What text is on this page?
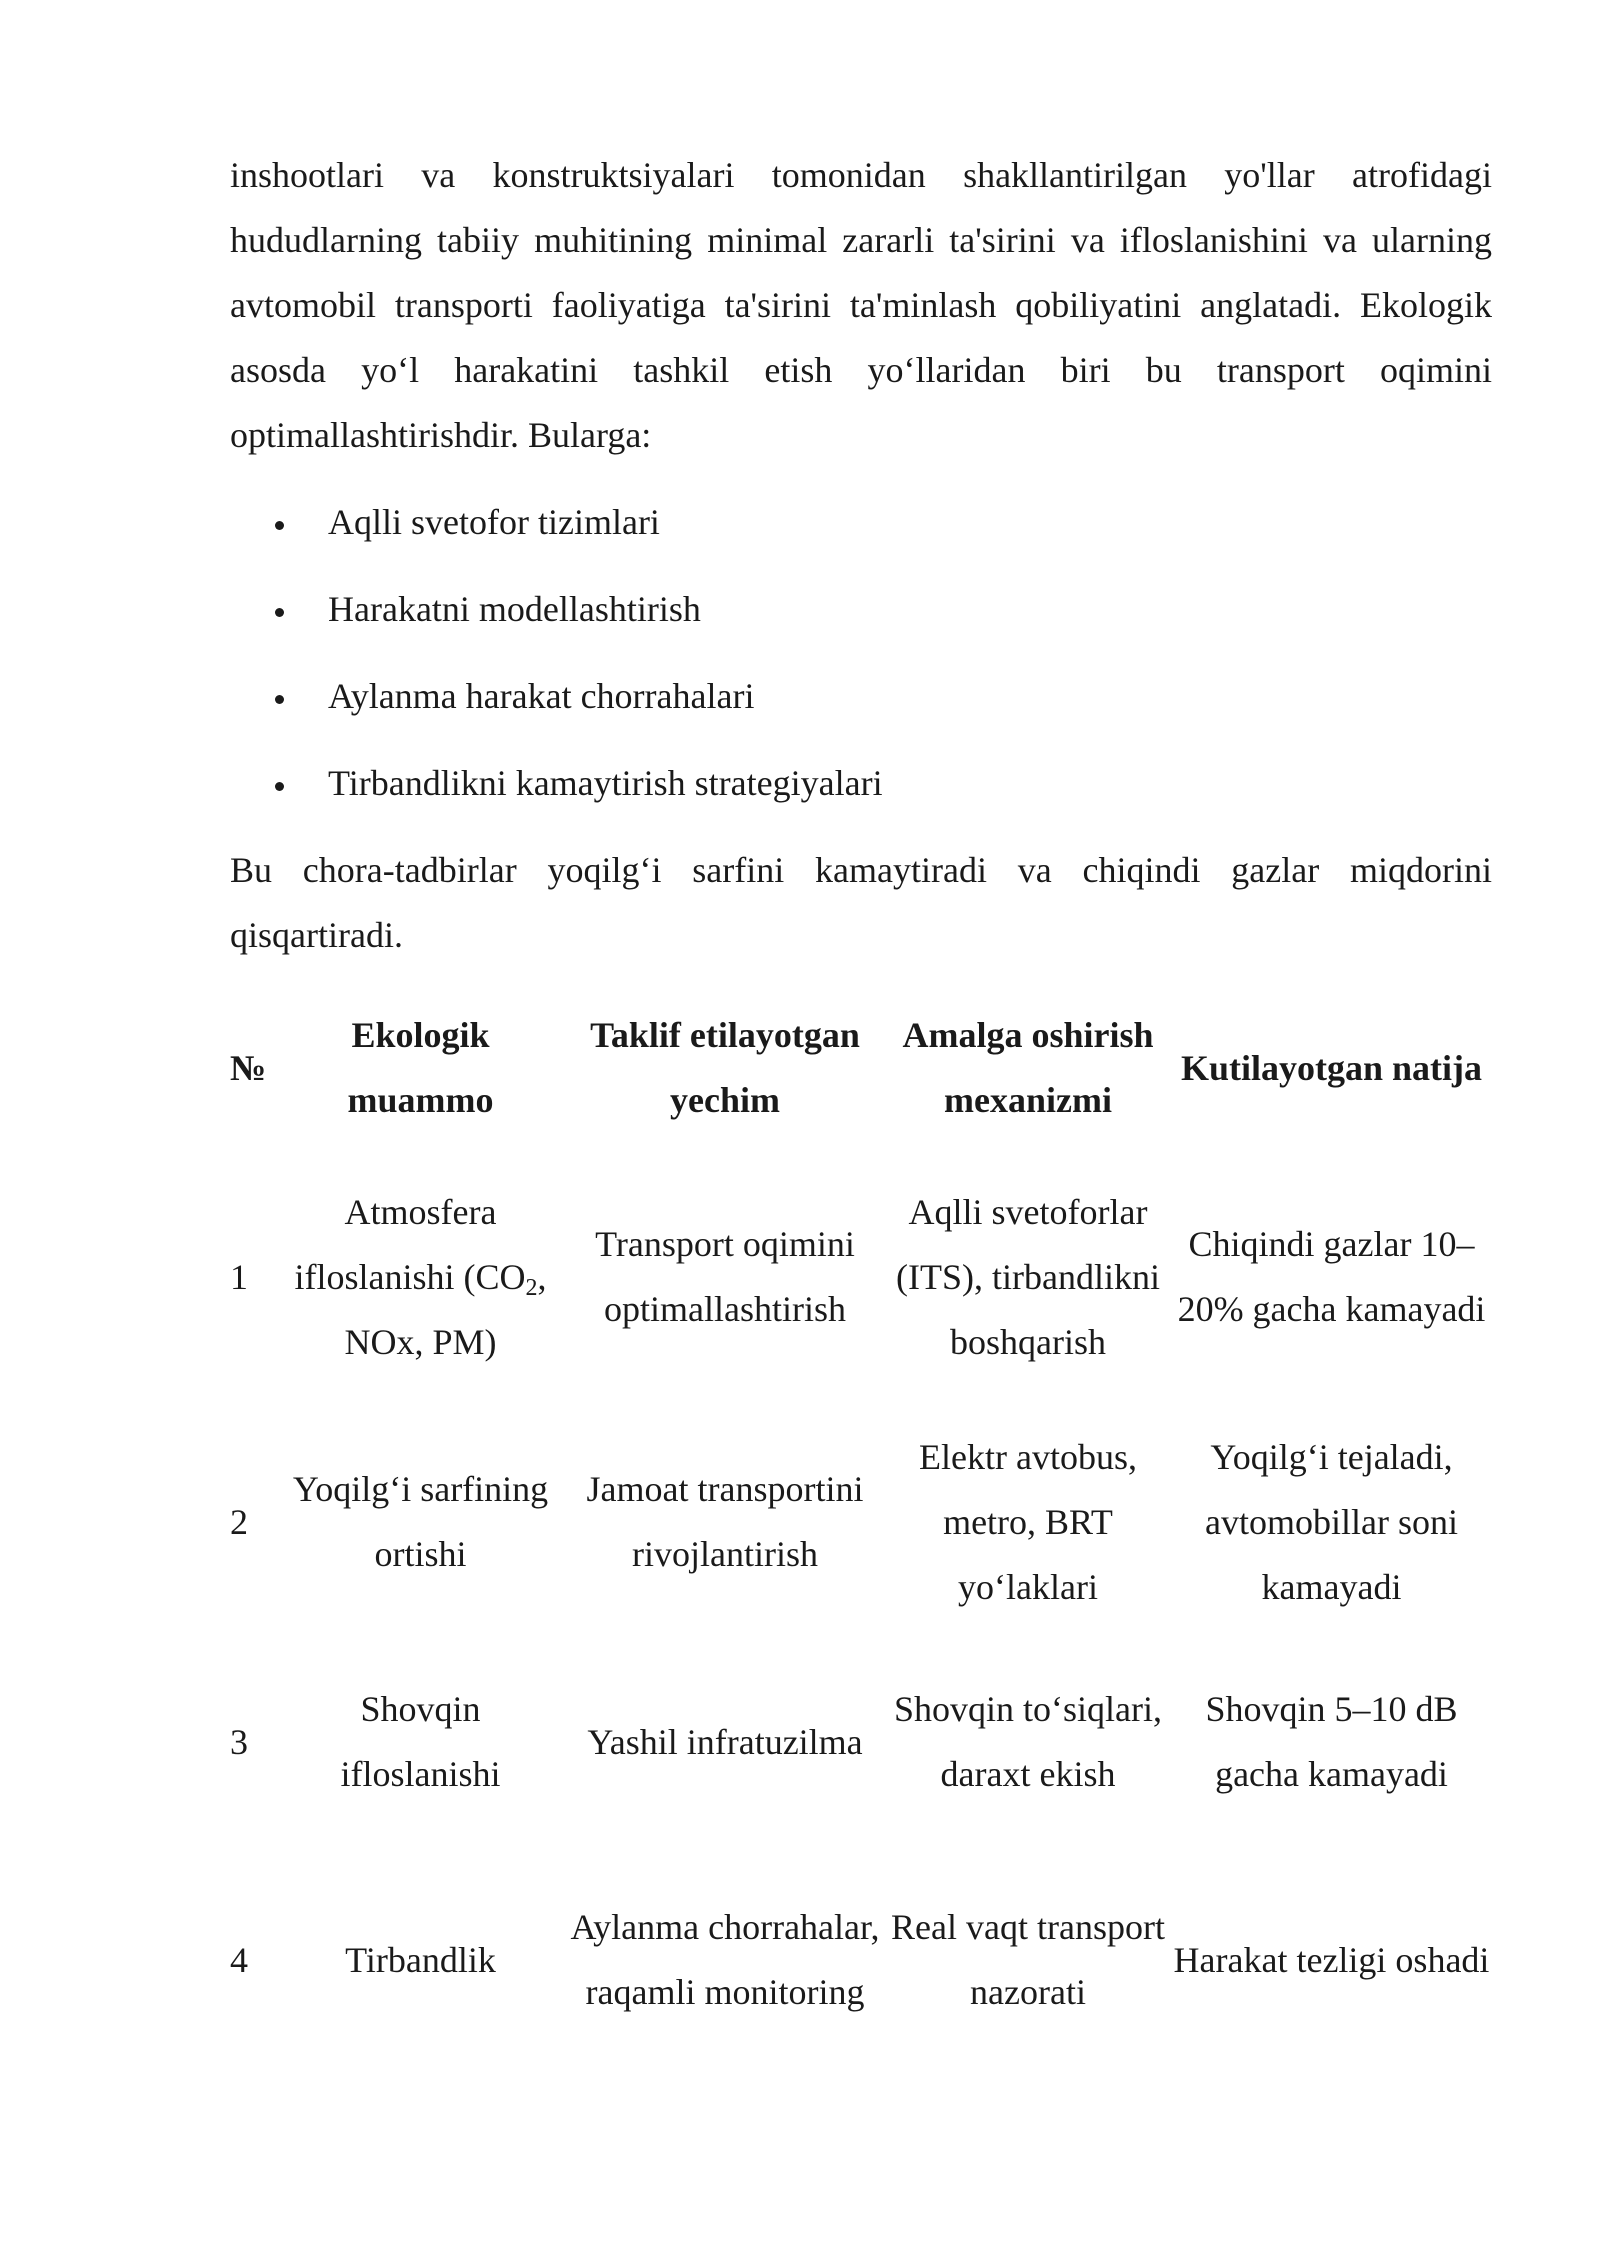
inshootlari va konstruktsiyalari tomonidan shakllantirilgan yo'llar atrofidagi hududlarning tabiiy muhitining minimal zararli ta'sirini va ifloslanishini va ularning avtomobil transporti faoliyatiga ta'sirini ta'minlash qobiliyatini anglatadi. Ekologik asosda yo‘l harakatini tashkil etish yo‘llaridan biri bu transport oqimini optimallashtirishdir. Bularga:

Aqlli svetofor tizimlari
Harakatni modellashtirish
Aylanma harakat chorrahalari
Tirbandlikni kamaytirish strategiyalari

Bu chora-tadbirlar yoqilg‘i sarfini kamaytiradi va chiqindi gazlar miqdorini qisqartiradi.

№	Ekologik muammo	Taklif etilayotgan yechim	Amalga oshirish mexanizmi	Kutilayotgan natija
1	Atmosfera ifloslanishi ($CO_2$, NOx, PM)	Transport oqimini optimallashtirish	Aqlli svetoforlar (ITS), tirbandlikni boshqarish	Chiqindi gazlar 10–20% gacha kamayadi
2	Yoqilg‘i sarfining ortishi	Jamoat transportini rivojlantirish	Elektr avtobus, metro, BRT yo‘laklari	Yoqilg‘i tejaladi, avtomobillar soni kamayadi
3	Shovqin ifloslanishi	Yashil infratuzilma	Shovqin to‘siqlari, daraxt ekish	Shovqin 5–10 dB gacha kamayadi
4	Tirbandlik	Aylanma chorrahalar, raqamli monitoring	Real vaqt transport nazorati	Harakat tezligi oshadi
